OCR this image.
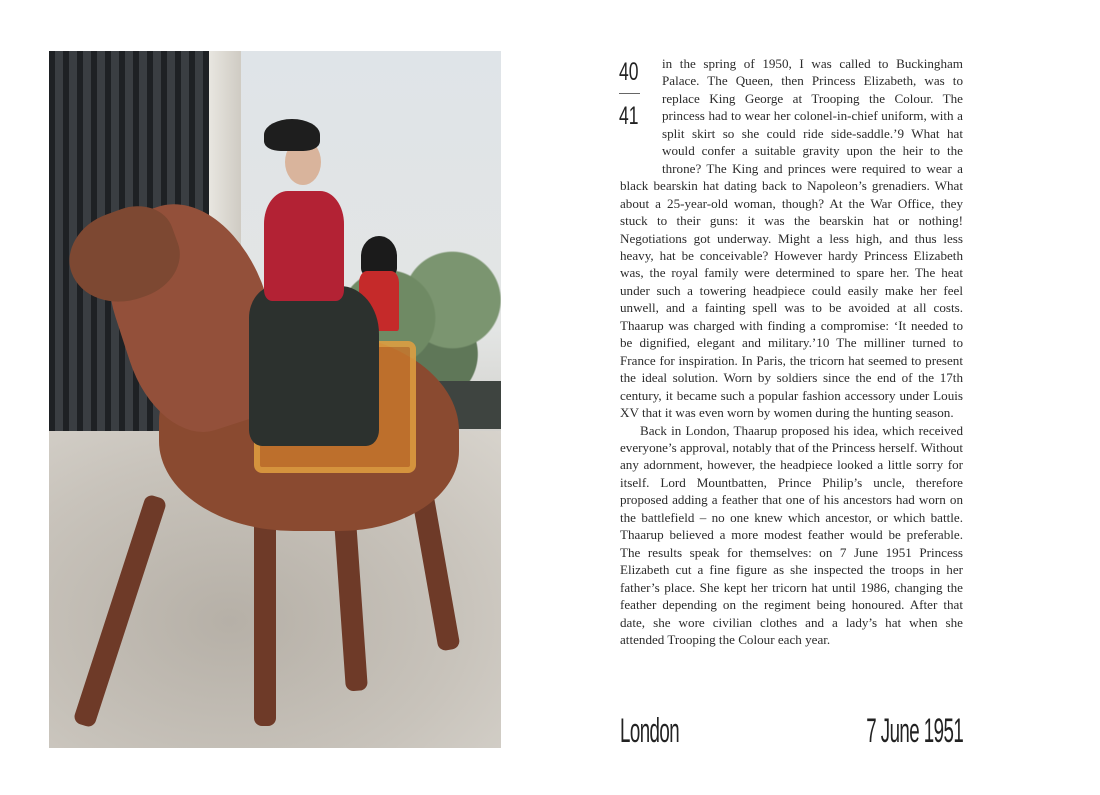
40
41

in the spring of 1950, I was called to Buckingham Palace. The Queen, then Princess Elizabeth, was to replace King George at Trooping the Colour. The princess had to wear her colonel-in-chief uniform, with a split skirt so she could ride side-saddle.’9 What hat would confer a suitable gravity upon the heir to the throne? The King and princes were required to wear a black bearskin hat dating back to Napoleon’s grenadiers. What about a 25-year-old woman, though? At the War Office, they stuck to their guns: it was the bearskin hat or nothing! Negotiations got underway. Might a less high, and thus less heavy, hat be conceivable? However hardy Princess Elizabeth was, the royal family were determined to spare her. The heat under such a towering headpiece could easily make her feel unwell, and a fainting spell was to be avoided at all costs. Thaarup was charged with finding a compromise: ‘It needed to be dignified, elegant and military.’10 The milliner turned to France for inspiration. In Paris, the tricorn hat seemed to present the ideal solution. Worn by soldiers since the end of the 17th century, it became such a popular fashion accessory under Louis XV that it was even worn by women during the hunting season.

Back in London, Thaarup proposed his idea, which received everyone’s approval, notably that of the Princess herself. Without any adornment, however, the headpiece looked a little sorry for itself. Lord Mountbatten, Prince Philip’s uncle, therefore proposed adding a feather that one of his ancestors had worn on the battlefield – no one knew which ancestor, or which battle. Thaarup believed a more modest feather would be preferable. The results speak for themselves: on 7 June 1951 Princess Elizabeth cut a fine figure as she inspected the troops in her father’s place. She kept her tricorn hat until 1986, changing the feather depending on the regiment being honoured. After that date, she wore civilian clothes and a lady’s hat when she attended Trooping the Colour each year.

London	7 June 1951
